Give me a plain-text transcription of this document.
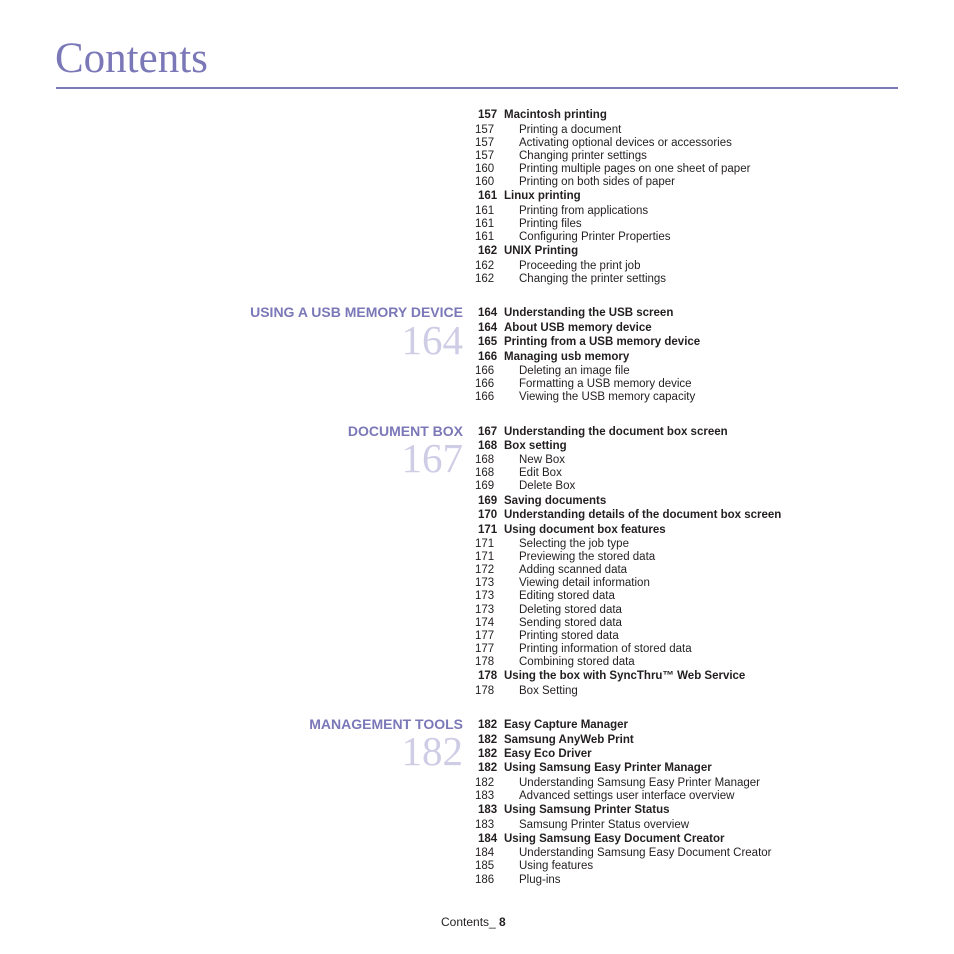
Contents
USING A USB MEMORY DEVICE
164
DOCUMENT BOX
167
MANAGEMENT TOOLS
182
157 Macintosh printing
157 Printing a document
157 Activating optional devices or accessories
157 Changing printer settings
160 Printing multiple pages on one sheet of paper
160 Printing on both sides of paper
161 Linux printing
161 Printing from applications
161 Printing files
161 Configuring Printer Properties
162 UNIX Printing
162 Proceeding the print job
162 Changing the printer settings
164 Understanding the USB screen
164 About USB memory device
165 Printing from a USB memory device
166 Managing usb memory
166 Deleting an image file
166 Formatting a USB memory device
166 Viewing the USB memory capacity
167 Understanding the document box screen
168 Box setting
168 New Box
168 Edit Box
169 Delete Box
169 Saving documents
170 Understanding details of the document box screen
171 Using document box features
171 Selecting the job type
171 Previewing the stored data
172 Adding scanned data
173 Viewing detail information
173 Editing stored data
173 Deleting stored data
174 Sending stored data
177 Printing stored data
177 Printing information of stored data
178 Combining stored data
178 Using the box with SyncThru™ Web Service
178 Box Setting
182 Easy Capture Manager
182 Samsung AnyWeb Print
182 Easy Eco Driver
182 Using Samsung Easy Printer Manager
182 Understanding Samsung Easy Printer Manager
183 Advanced settings user interface overview
183 Using Samsung Printer Status
183 Samsung Printer Status overview
184 Using Samsung Easy Document Creator
184 Understanding Samsung Easy Document Creator
185 Using features
186 Plug-ins
Contents_ 8
